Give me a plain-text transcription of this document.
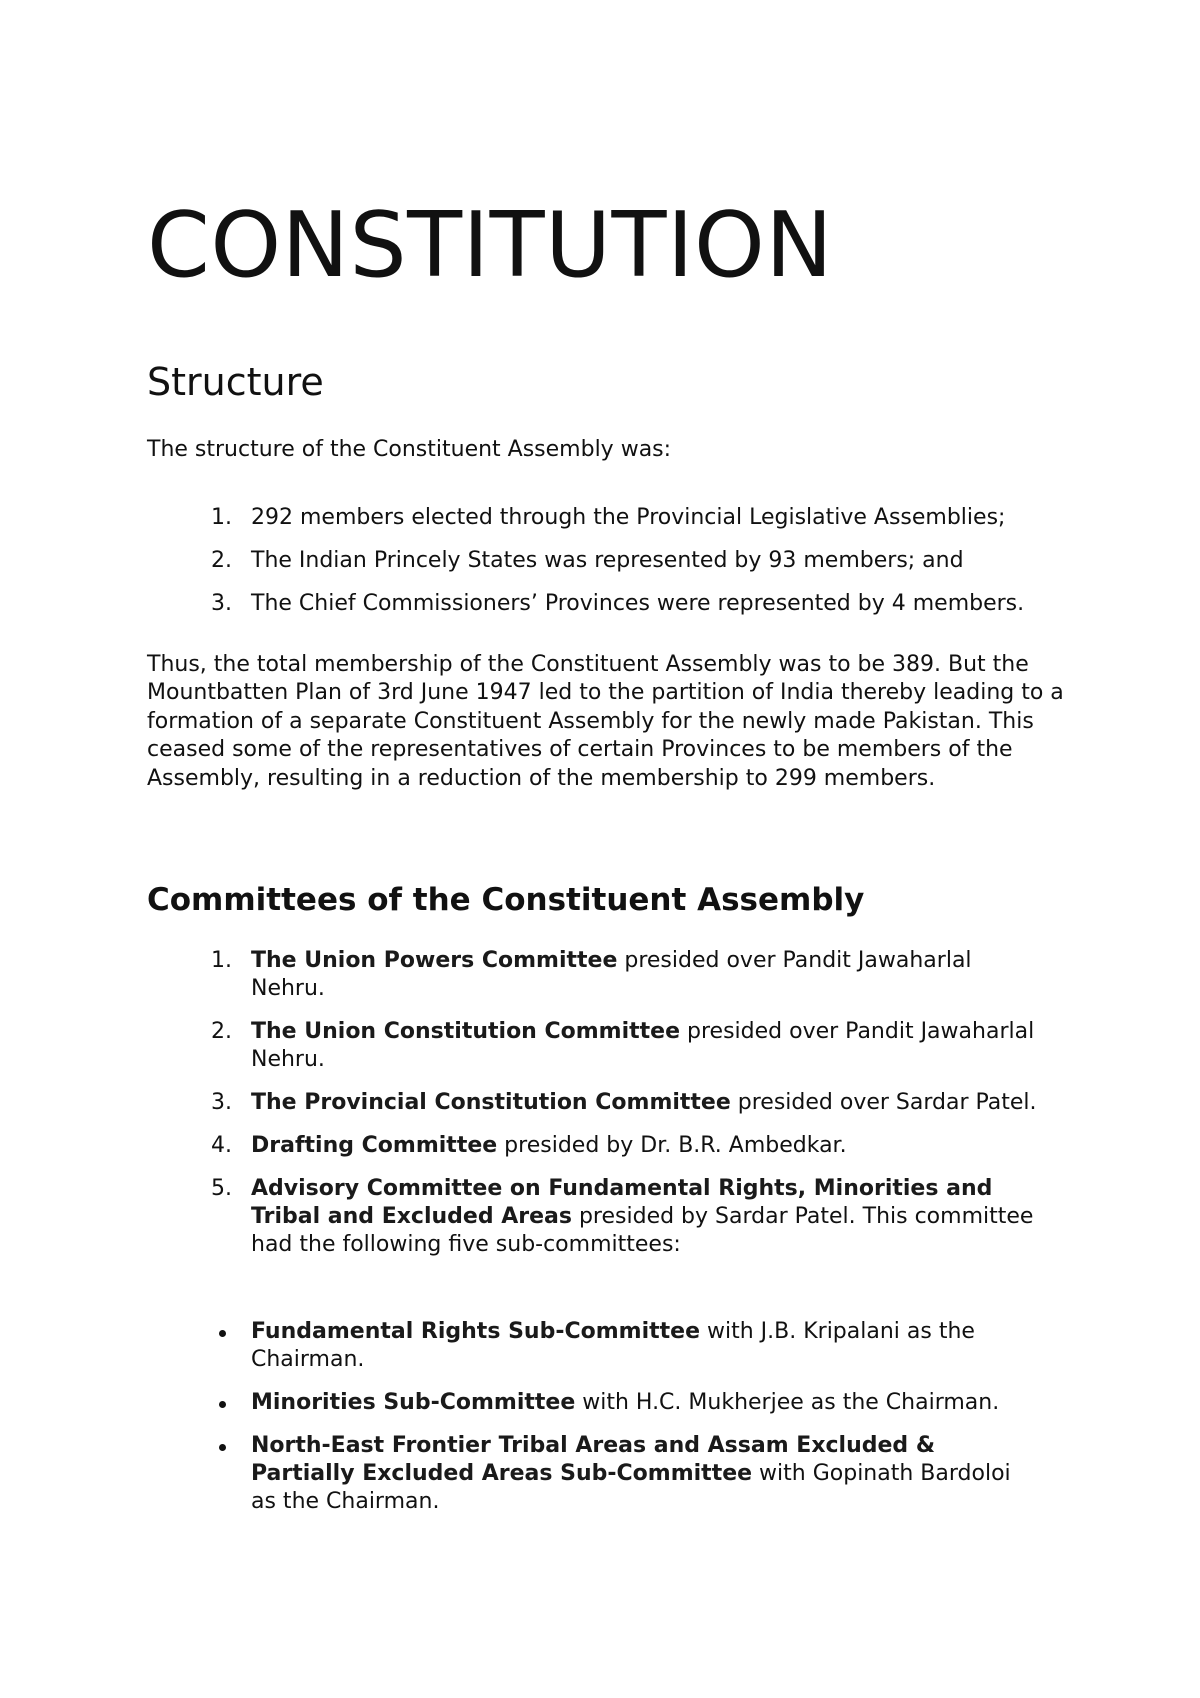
CONSTITUTION
Structure

The structure of the Constituent Assembly was:

1. 292 members elected through the Provincial Legislative Assemblies;
2. The Indian Princely States was represented by 93 members; and
3. The Chief Commissioners’ Provinces were represented by 4 members.

Thus, the total membership of the Constituent Assembly was to be 389. But the Mountbatten Plan of 3rd June 1947 led to the partition of India thereby leading to a formation of a separate Constituent Assembly for the newly made Pakistan. This ceased some of the representatives of certain Provinces to be members of the Assembly, resulting in a reduction of the membership to 299 members.

Committees of the Constituent Assembly
1. The Union Powers Committee presided over Pandit Jawaharlal Nehru.
2. The Union Constitution Committee presided over Pandit Jawaharlal Nehru.
3. The Provincial Constitution Committee presided over Sardar Patel.
4. Drafting Committee presided by Dr. B.R. Ambedkar.
5. Advisory Committee on Fundamental Rights, Minorities and Tribal and Excluded Areas presided by Sardar Patel. This committee had the following five sub-committees:
Fundamental Rights Sub-Committee with J.B. Kripalani as the Chairman.
Minorities Sub-Committee with H.C. Mukherjee as the Chairman.
North-East Frontier Tribal Areas and Assam Excluded & Partially Excluded Areas Sub-Committee with Gopinath Bardoloi as the Chairman.
